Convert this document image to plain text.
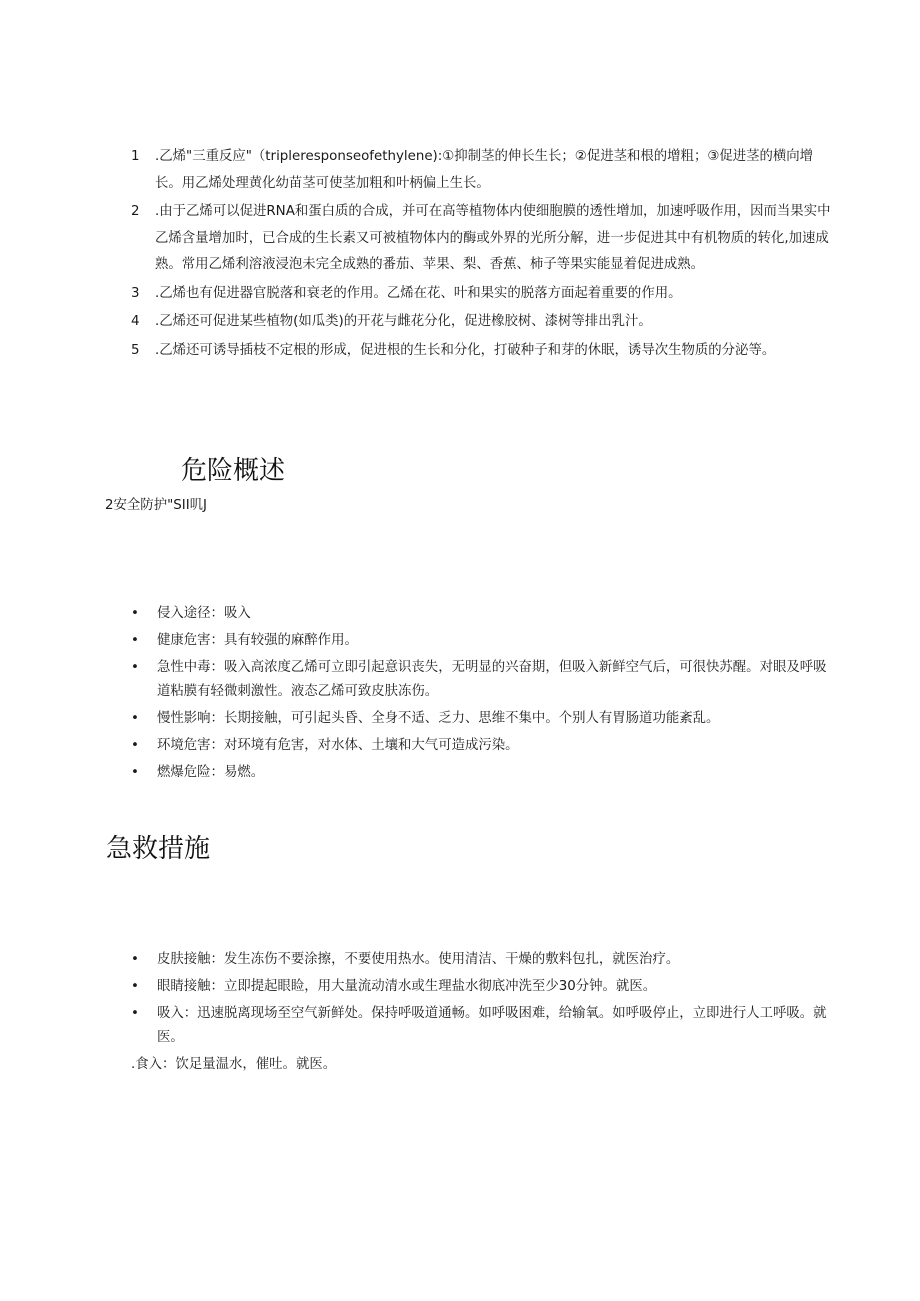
1 .乙烯"三重反应"（tripleresponseofethylene):①抑制茎的伸长生长；②促进茎和根的增粗；③促进茎的横向增长。用乙烯处理黄化幼苗茎可使茎加粗和叶柄偏上生长。
2 .由于乙烯可以促进RNA和蛋白质的合成，并可在高等植物体内使细胞膜的透性增加，加速呼吸作用，因而当果实中乙烯含量增加时，已合成的生长素又可被植物体内的酶或外界的光所分解，进一步促进其中有机物质的转化,加速成熟。常用乙烯利溶液浸泡未完全成熟的番茄、苹果、梨、香蕉、柿子等果实能显着促进成熟。
3 .乙烯也有促进器官脱落和衰老的作用。乙烯在花、叶和果实的脱落方面起着重要的作用。
4 .乙烯还可促进某些植物(如瓜类)的开花与雌花分化，促进橡胶树、漆树等排出乳汁。
5 .乙烯还可诱导插枝不定根的形成，促进根的生长和分化，打破种子和芽的休眠，诱导次生物质的分泌等。
危险概述
2安全防护"SII叽J
• 侵入途径：吸入
• 健康危害：具有较强的麻醉作用。
• 急性中毒：吸入高浓度乙烯可立即引起意识丧失，无明显的兴奋期，但吸入新鲜空气后，可很快苏醒。对眼及呼吸道粘膜有轻微刺激性。液态乙烯可致皮肤冻伤。
• 慢性影响：长期接触，可引起头昏、全身不适、乏力、思维不集中。个别人有胃肠道功能紊乱。
• 环境危害：对环境有危害，对水体、土壤和大气可造成污染。
• 燃爆危险：易燃。
急救措施
• 皮肤接触：发生冻伤不要涂擦，不要使用热水。使用清洁、干燥的敷料包扎，就医治疗。
• 眼睛接触：立即提起眼睑，用大量流动清水或生理盐水彻底冲洗至少30分钟。就医。
• 吸入：迅速脱离现场至空气新鲜处。保持呼吸道通畅。如呼吸困难，给输氧。如呼吸停止，立即进行人工呼吸。就医。
.食入：饮足量温水，催吐。就医。
